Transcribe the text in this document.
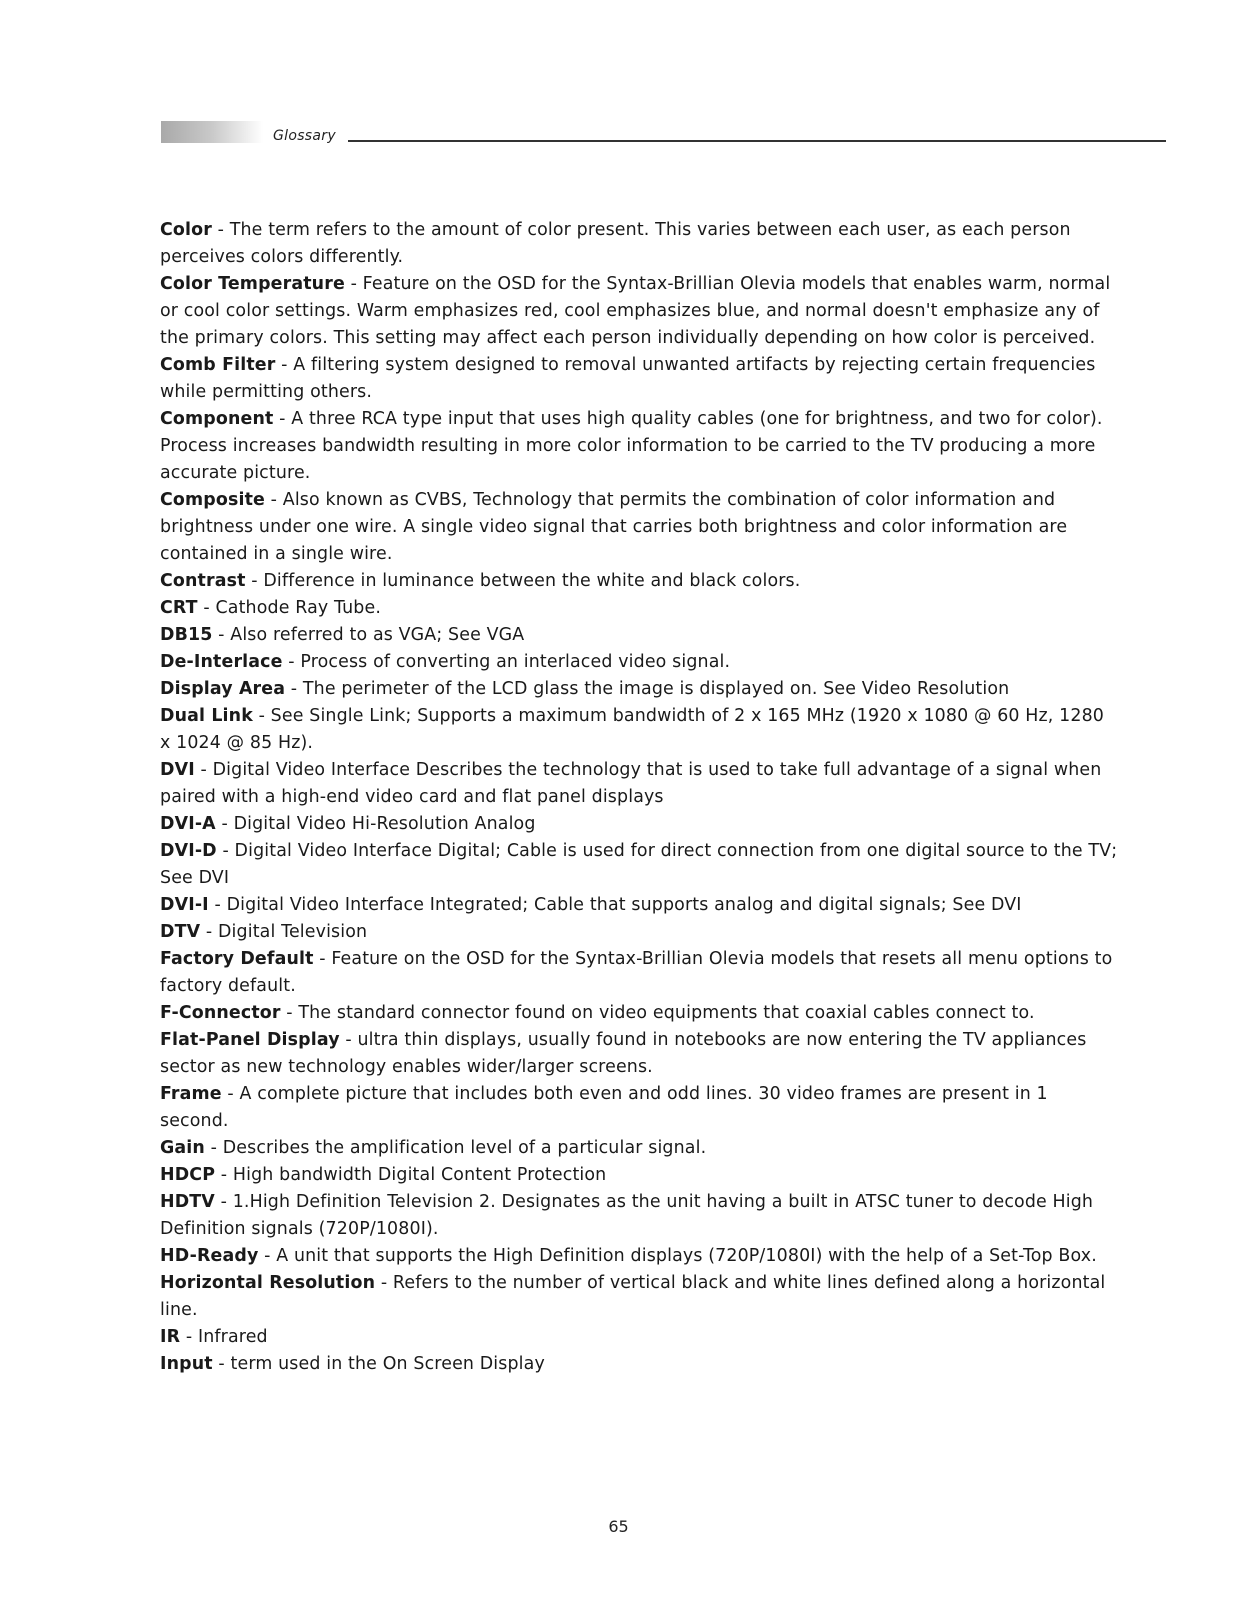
Glossary

Color - The term refers to the amount of color present. This varies between each user, as each person perceives colors differently.

Color Temperature - Feature on the OSD for the Syntax-Brillian Olevia models that enables warm, normal or cool color settings. Warm emphasizes red, cool emphasizes blue, and normal doesn't emphasize any of the primary colors. This setting may affect each person individually depending on how color is perceived.

Comb Filter - A filtering system designed to removal unwanted artifacts by rejecting certain frequencies while permitting others.

Component - A three RCA type input that uses high quality cables (one for brightness, and two for color). Process increases bandwidth resulting in more color information to be carried to the TV producing a more accurate picture.

Composite - Also known as CVBS, Technology that permits the combination of color information and brightness under one wire. A single video signal that carries both brightness and color information are contained in a single wire.

Contrast - Difference in luminance between the white and black colors.

CRT - Cathode Ray Tube.

DB15 - Also referred to as VGA; See VGA

De-Interlace - Process of converting an interlaced video signal.

Display Area - The perimeter of the LCD glass the image is displayed on. See Video Resolution

Dual Link - See Single Link; Supports a maximum bandwidth of 2 x 165 MHz (1920 x 1080 @ 60 Hz, 1280 x 1024 @ 85 Hz).

DVI - Digital Video Interface Describes the technology that is used to take full advantage of a signal when paired with a high-end video card and flat panel displays

DVI-A - Digital Video Hi-Resolution Analog

DVI-D - Digital Video Interface Digital; Cable is used for direct connection from one digital source to the TV; See DVI

DVI-I - Digital Video Interface Integrated; Cable that supports analog and digital signals; See DVI

DTV - Digital Television

Factory Default - Feature on the OSD for the Syntax-Brillian Olevia models that resets all menu options to factory default.

F-Connector - The standard connector found on video equipments that coaxial cables connect to.

Flat-Panel Display - ultra thin displays, usually found in notebooks are now entering the TV appliances sector as new technology enables wider/larger screens.

Frame - A complete picture that includes both even and odd lines. 30 video frames are present in 1 second.

Gain - Describes the amplification level of a particular signal.

HDCP - High bandwidth Digital Content Protection

HDTV - 1.High Definition Television 2. Designates as the unit having a built in ATSC tuner to decode High Definition signals (720P/1080I).

HD-Ready - A unit that supports the High Definition displays (720P/1080I) with the help of a Set-Top Box.

Horizontal Resolution - Refers to the number of vertical black and white lines defined along a horizontal line.

IR - Infrared

Input - term used in the On Screen Display

65
